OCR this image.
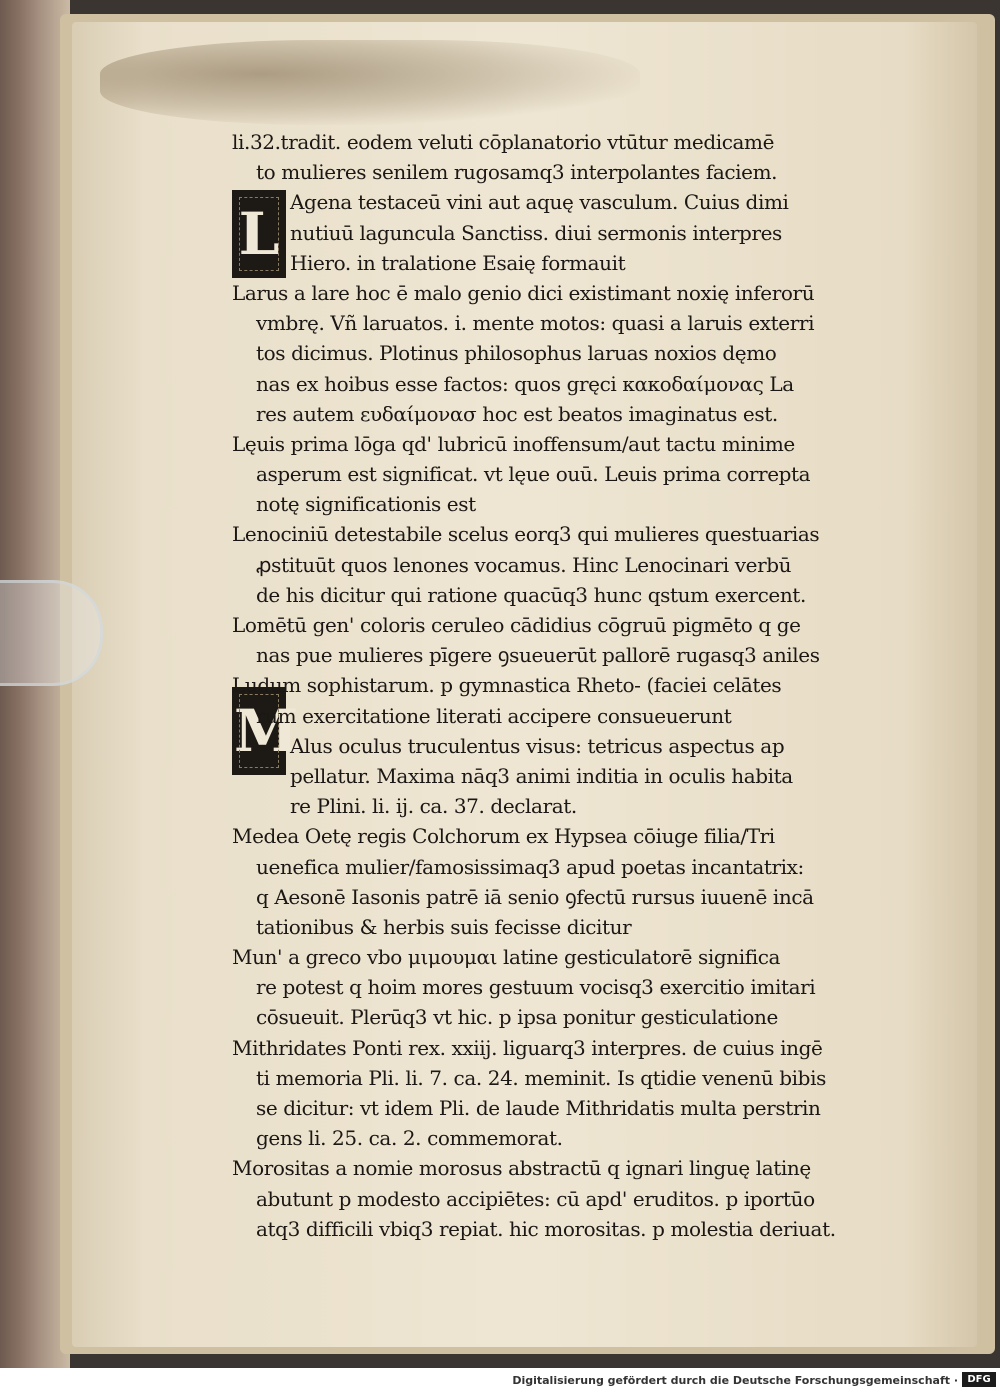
L
M
li.32.tradit. eodem veluti cōplanatorio vtūtur medicamē
to mulieres senilem rugosamq3 interpolantes faciem.
Agena testaceū vini aut aquę vasculum. Cuius dimi
nutiuū laguncula Sanctiss. diui sermonis interpres
Hiero. in tralatione Esaię formauit
Larus a lare hoc ē malo genio dici existimant noxię inferorū
vmbrę. Vñ laruatos. i. mente motos: quasi a laruis exterri
tos dicimus. Plotinus philosophus laruas noxios dęmo
nas ex hoibus esse factos: quos gręci κακοδαίμονας La
res autem ευδαίμονασ hoc est beatos imaginatus est.
Lęuis prima lōga qd' lubricū inoffensum/aut tactu minime
asperum est significat. vt lęue ouū. Leuis prima correpta
notę significationis est
Lenociniū detestabile scelus eorq3 qui mulieres questuarias
ꝓstituūt quos lenones vocamus. Hinc Lenocinari verbū
de his dicitur qui ratione quacūq3 hunc qstum exercent.
Lomētū gen' coloris ceruleo cādidius cōgruū pigmēto q ge
nas pue mulieres pīgere ꝯsueuerūt pallorē rugasq3 aniles
Ludum sophistarum. p gymnastica Rheto- (faciei celātes
rum exercitatione literati accipere consueuerunt
Alus oculus truculentus visus: tetricus aspectus ap
pellatur. Maxima nāq3 animi inditia in oculis habita
re Plini. li. ij. ca. 37. declarat.
Medea Oetę regis Colchorum ex Hypsea cōiuge filia/Tri
uenefica mulier/famosissimaq3 apud poetas incantatrix:
q Aesonē Iasonis patrē iā senio ꝯfectū rursus iuuenē incā
tationibus & herbis suis fecisse dicitur
Mun' a greco vbo μιμουμαι latine gesticulatorē significa
re potest q hoim mores gestuum vocisq3 exercitio imitari
cōsueuit. Plerūq3 vt hic. p ipsa ponitur gesticulatione
Mithridates Ponti rex. xxiij. liguarq3 interpres. de cuius ingē
ti memoria Pli. li. 7. ca. 24. meminit. Is qtidie venenū bibis
se dicitur: vt idem Pli. de laude Mithridatis multa perstrin
gens li. 25. ca. 2. commemorat.
Morositas a nomie morosus abstractū q ignari linguę latinę
abutunt p modesto accipiētes: cū apd' eruditos. p iportūo
atq3 difficili vbiq3 repiat. hic morositas. p molestia deriuat.
Digitalisierung gefördert durch die Deutsche Forschungsgemeinschaft · DFG
